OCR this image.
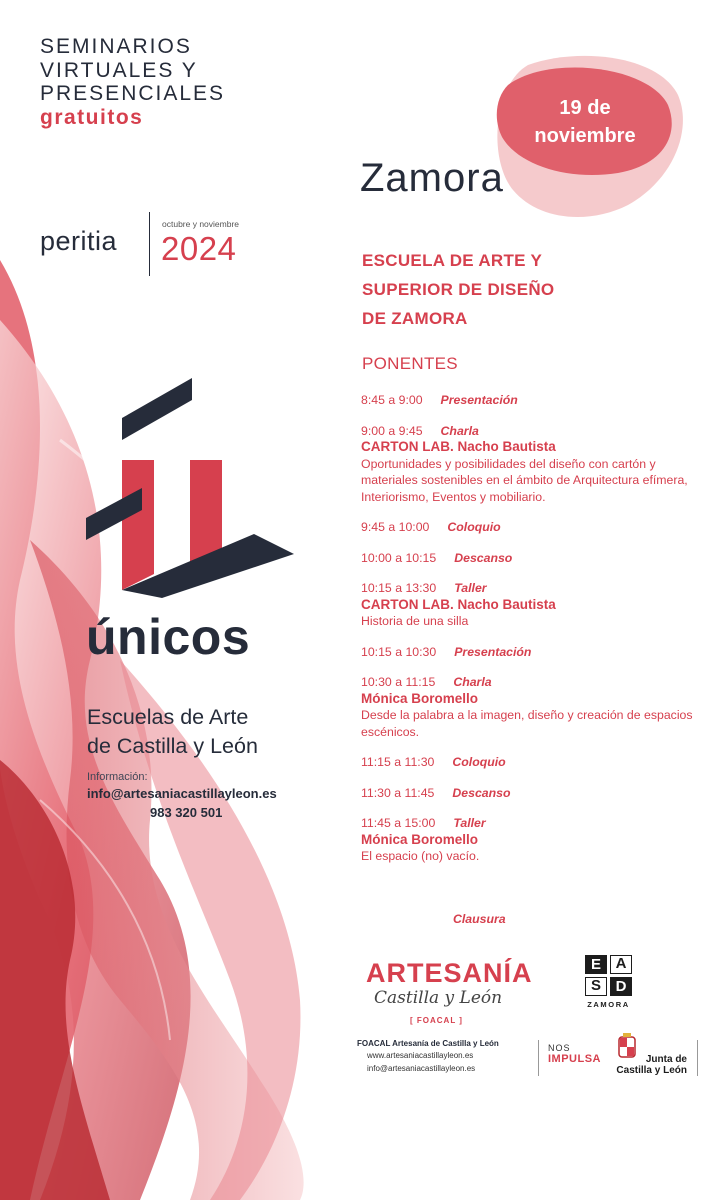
SEMINARIOS
VIRTUALES Y
PRESENCIALES
gratuitos
peritia
octubre y noviembre
2024
únicos
Escuelas de Arte
de Castilla y León
Información:
info@artesaniacastillayleon.es
983 320 501
19 de
noviembre
Zamora
ESCUELA DE ARTE Y
SUPERIOR DE DISEÑO
DE ZAMORA
PONENTES
8:45 a 9:00 Presentación
9:00 a 9:45 Charla
CARTON LAB. Nacho Bautista
Oportunidades y posibilidades del diseño con cartón y materiales sostenibles en el ámbito de Arquitectura efímera, Interiorismo, Eventos y mobiliario.
9:45 a 10:00 Coloquio
10:00 a 10:15 Descanso
10:15 a 13:30 Taller
CARTON LAB. Nacho Bautista
Historia de una silla
10:15 a 10:30 Presentación
10:30 a 11:15 Charla
Mónica Boromello
Desde la palabra a la imagen, diseño y creación de espacios escénicos.
11:15 a 11:30 Coloquio
11:30 a 11:45 Descanso
11:45 a 15:00 Taller
Mónica Boromello
El espacio (no) vacío.
Clausura
ARTESANÍA
Castilla y León
[ FOACAL ]
FOACAL Artesanía de Castilla y León
www.artesaniacastillayleon.es
info@artesaniacastillayleon.es
E A
S D
ZAMORA
NOS
IMPULSA	Junta de
Castilla y León
